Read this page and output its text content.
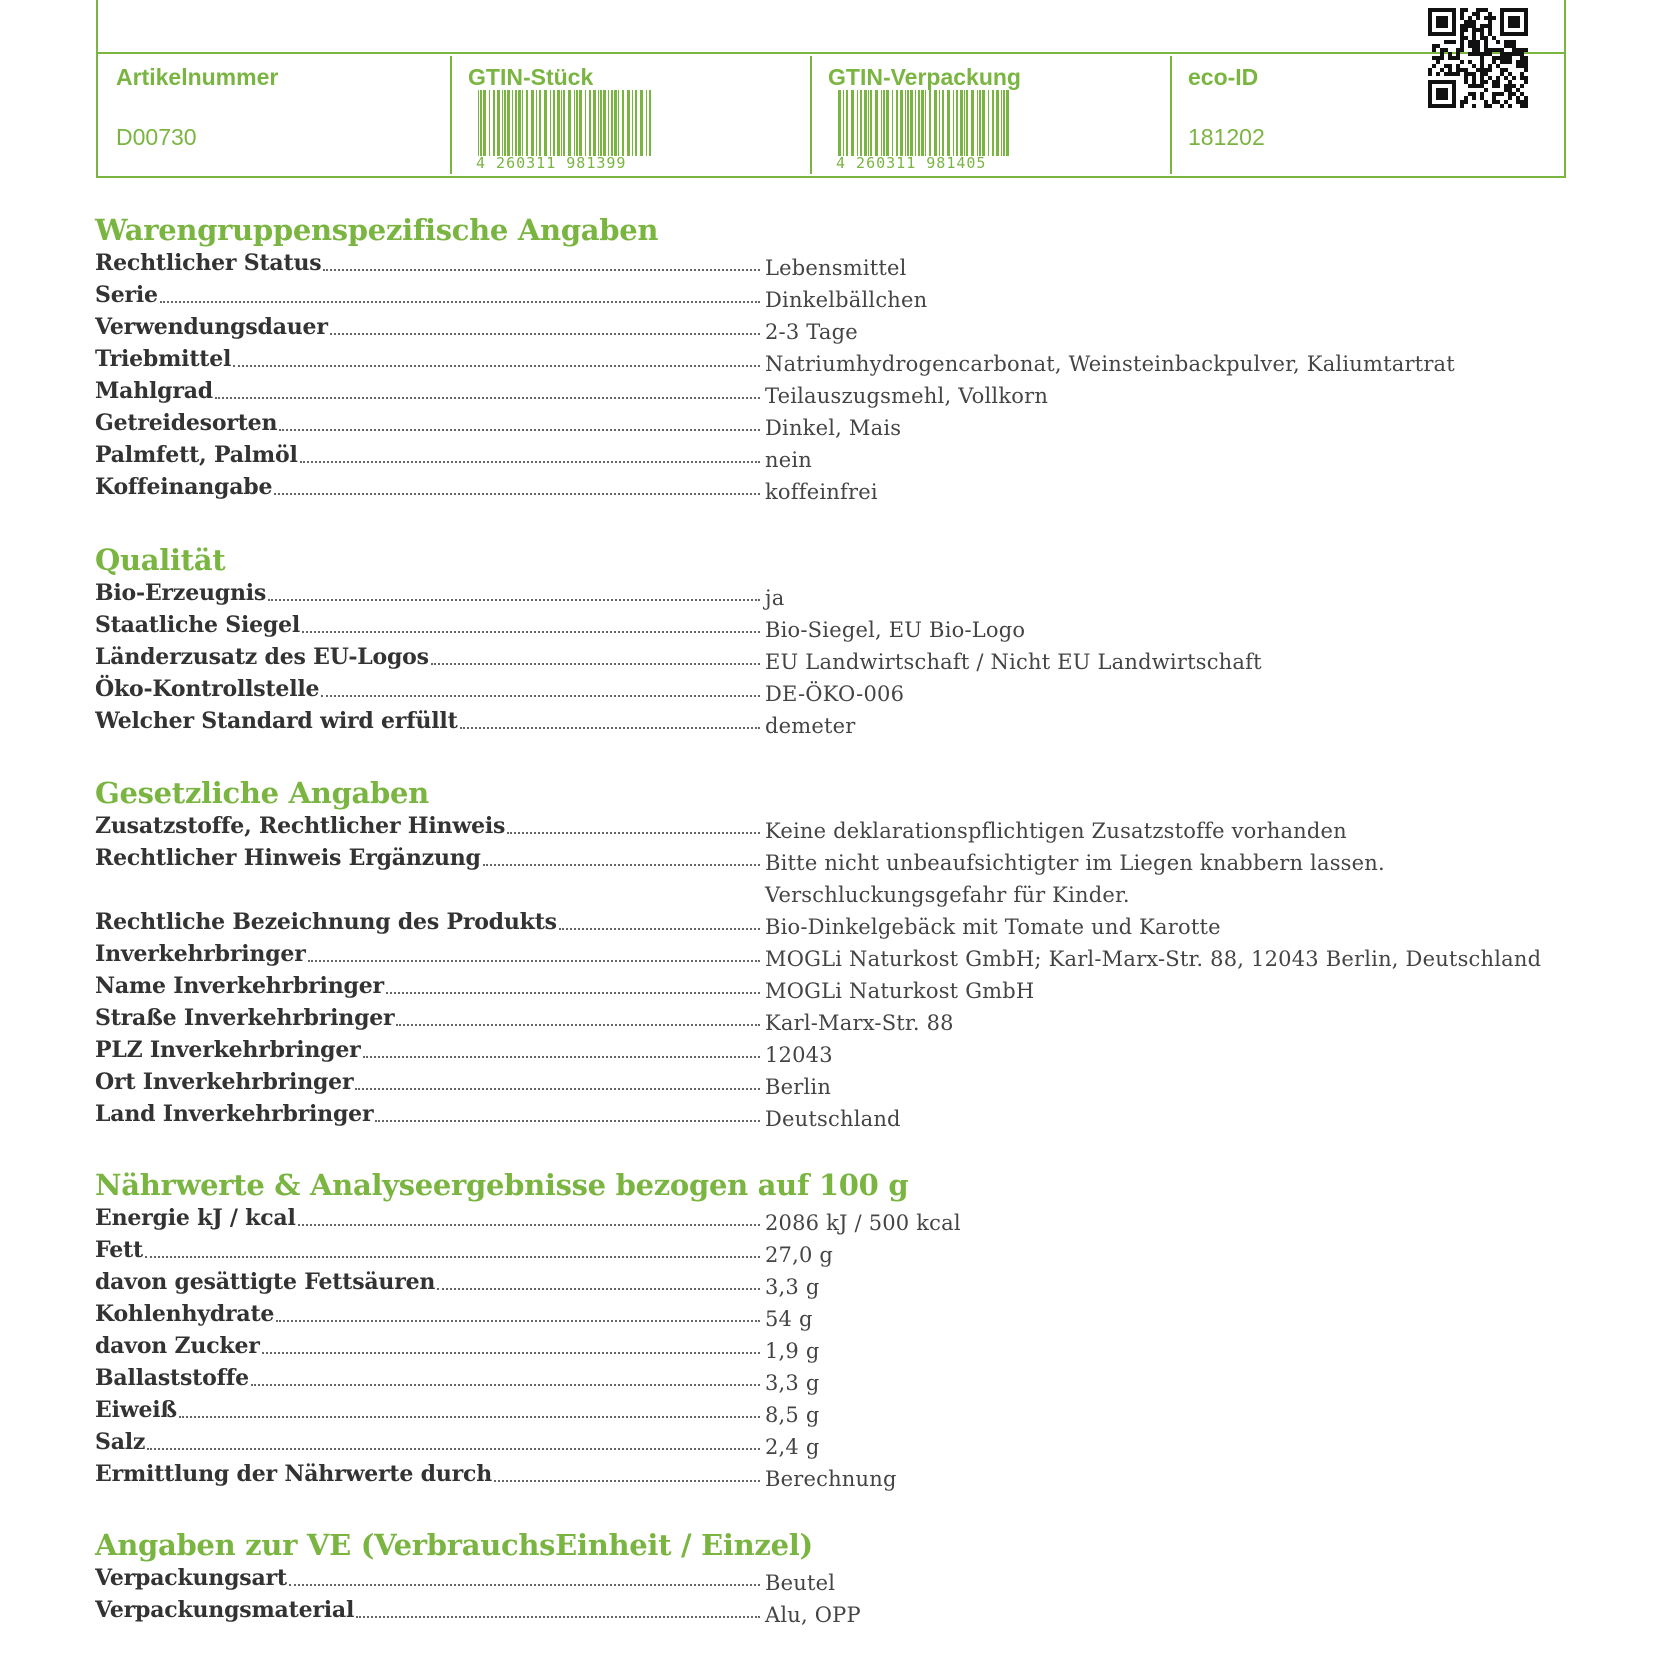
Artikelnummer
D00730
GTIN-Stück
4 260311 981399
GTIN-Verpackung
4 260311 981405
eco-ID
181202
Warengruppenspezifische Angaben
Rechtlicher Status	Lebensmittel
Serie	Dinkelbällchen
Verwendungsdauer	2-3 Tage
Triebmittel	Natriumhydrogencarbonat, Weinsteinbackpulver, Kaliumtartrat
Mahlgrad	Teilauszugsmehl, Vollkorn
Getreidesorten	Dinkel, Mais
Palmfett, Palmöl	nein
Koffeinangabe	koffeinfrei
Qualität
Bio-Erzeugnis	ja
Staatliche Siegel	Bio-Siegel, EU Bio-Logo
Länderzusatz des EU-Logos	EU Landwirtschaft / Nicht EU Landwirtschaft
Öko-Kontrollstelle	DE-ÖKO-006
Welcher Standard wird erfüllt	demeter
Gesetzliche Angaben
Zusatzstoffe, Rechtlicher Hinweis	Keine deklarationspflichtigen Zusatzstoffe vorhanden
Rechtlicher Hinweis Ergänzung	Bitte nicht unbeaufsichtigter im Liegen knabbern lassen.
Verschluckungsgefahr für Kinder.
Rechtliche Bezeichnung des Produkts	Bio-Dinkelgebäck mit Tomate und Karotte
Inverkehrbringer	MOGLi Naturkost GmbH; Karl-Marx-Str. 88, 12043 Berlin, Deutschland
Name Inverkehrbringer	MOGLi Naturkost GmbH
Straße Inverkehrbringer	Karl-Marx-Str. 88
PLZ Inverkehrbringer	12043
Ort Inverkehrbringer	Berlin
Land Inverkehrbringer	Deutschland
Nährwerte & Analyseergebnisse bezogen auf 100 g
Energie kJ / kcal	2086 kJ / 500 kcal
Fett	27,0 g
davon gesättigte Fettsäuren	3,3 g
Kohlenhydrate	54 g
davon Zucker	1,9 g
Ballaststoffe	3,3 g
Eiweiß	8,5 g
Salz	2,4 g
Ermittlung der Nährwerte durch	Berechnung
Angaben zur VE (VerbrauchsEinheit / Einzel)
Verpackungsart	Beutel
Verpackungsmaterial	Alu, OPP
